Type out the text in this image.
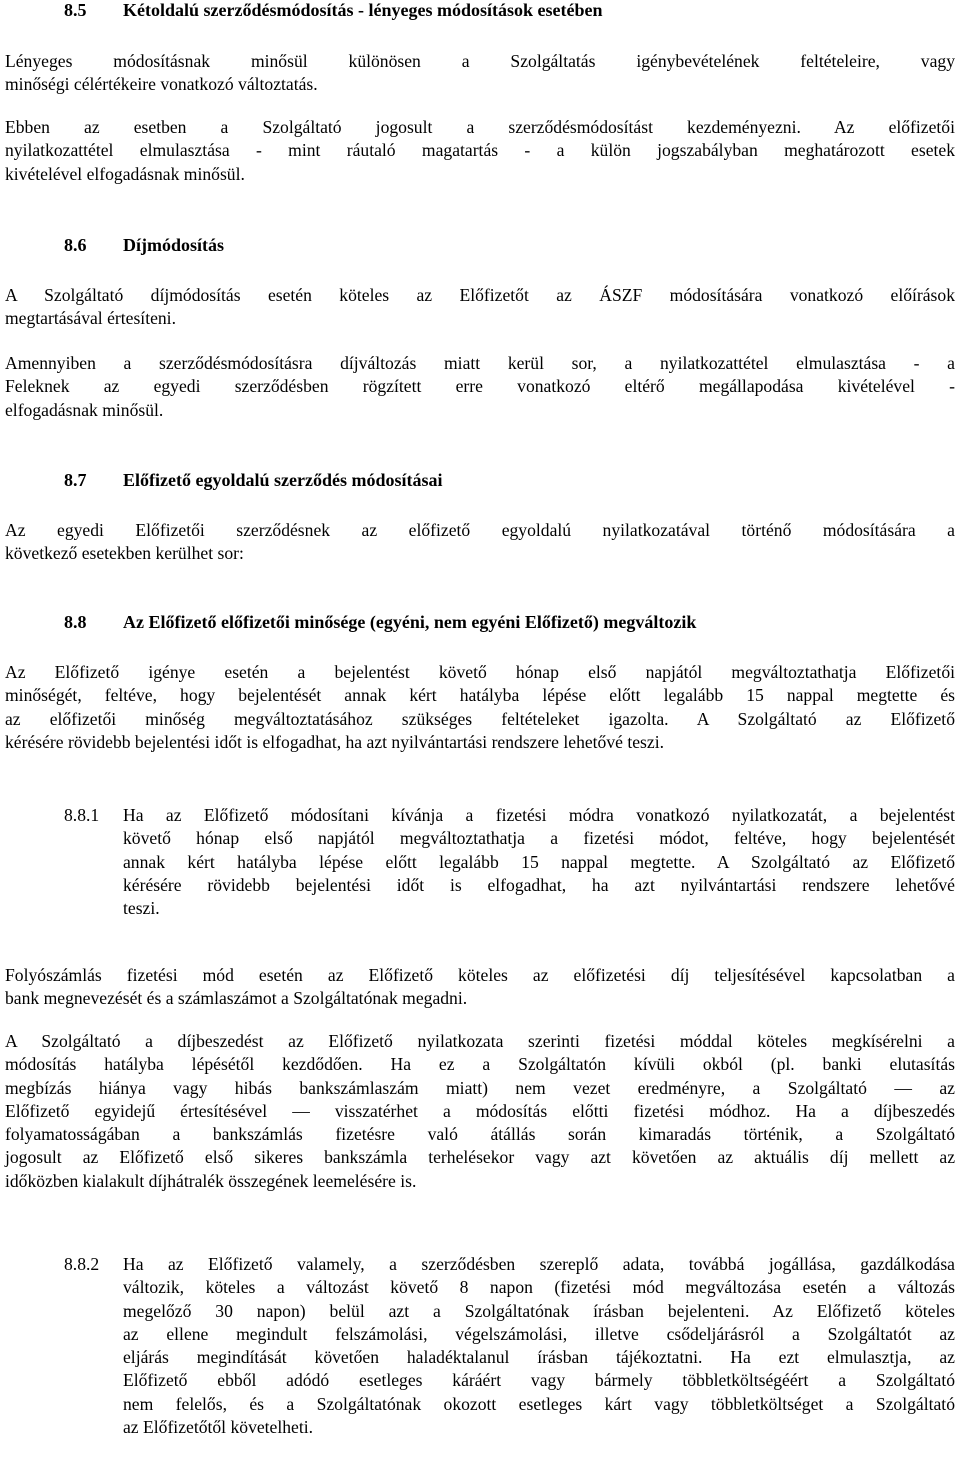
8.5 Kétoldalú szerződésmódosítás - lényeges módosítások esetében

Lényeges módosításnak minősül különösen a Szolgáltatás igénybevételének feltételeire, vagy

minőségi célértékeire vonatkozó változtatás.

Ebben az esetben a Szolgáltató jogosult a szerződésmódosítást kezdeményezni. Az előfizetői

nyilatkozattétel elmulasztása - mint ráutaló magatartás - a külön jogszabályban meghatározott esetek

kivételével elfogadásnak minősül.

8.6 Díjmódosítás

A Szolgáltató díjmódosítás esetén köteles az Előfizetőt az ÁSZF módosítására vonatkozó előírások

megtartásával értesíteni.

Amennyiben a szerződésmódosításra díjváltozás miatt kerül sor, a nyilatkozattétel elmulasztása - a

Feleknek az egyedi szerződésben rögzített erre vonatkozó eltérő megállapodása kivételével -

elfogadásnak minősül.

8.7 Előfizető egyoldalú szerződés módosításai

Az egyedi Előfizetői szerződésnek az előfizető egyoldalú nyilatkozatával történő módosítására a

következő esetekben kerülhet sor:

8.8 Az Előfizető előfizetői minősége (egyéni, nem egyéni Előfizető) megváltozik

Az Előfizető igénye esetén a bejelentést követő hónap első napjától megváltoztathatja Előfizetői

minőségét, feltéve, hogy bejelentését annak kért hatályba lépése előtt legalább 15 nappal megtette és

az előfizetői minőség megváltoztatásához szükséges feltételeket igazolta. A Szolgáltató az Előfizető

kérésére rövidebb bejelentési időt is elfogadhat, ha azt nyilvántartási rendszere lehetővé teszi.

8.8.1 Ha az Előfizető módosítani kívánja a fizetési módra vonatkozó nyilatkozatát, a bejelentést

követő hónap első napjától megváltoztathatja a fizetési módot, feltéve, hogy bejelentését

annak kért hatályba lépése előtt legalább 15 nappal megtette. A Szolgáltató az Előfizető

kérésére rövidebb bejelentési időt is elfogadhat, ha azt nyilvántartási rendszere lehetővé

teszi.

Folyószámlás fizetési mód esetén az Előfizető köteles az előfizetési díj teljesítésével kapcsolatban a

bank megnevezését és a számlaszámot a Szolgáltatónak megadni.

A Szolgáltató a díjbeszedést az Előfizető nyilatkozata szerinti fizetési móddal köteles megkísérelni a

módosítás hatályba lépésétől kezdődően. Ha ez a Szolgáltatón kívüli okból (pl. banki elutasítás

megbízás hiánya vagy hibás bankszámlaszám miatt) nem vezet eredményre, a Szolgáltató — az

Előfizető egyidejű értesítésével — visszatérhet a módosítás előtti fizetési módhoz. Ha a díjbeszedés

folyamatosságában a bankszámlás fizetésre való átállás során kimaradás történik, a Szolgáltató

jogosult az Előfizető első sikeres bankszámla terhelésekor vagy azt követően az aktuális díj mellett az

időközben kialakult díjhátralék összegének leemelésére is.

8.8.2 Ha az Előfizető valamely, a szerződésben szereplő adata, továbbá jogállása, gazdálkodása

változik, köteles a változást követő 8 napon (fizetési mód megváltozása esetén a változás

megelőző 30 napon) belül azt a Szolgáltatónak írásban bejelenteni. Az Előfizető köteles

az ellene megindult felszámolási, végelszámolási, illetve csődeljárásról a Szolgáltatót az

eljárás megindítását követően haladéktalanul írásban tájékoztatni. Ha ezt elmulasztja, az

Előfizető ebből adódó esetleges káráért vagy bármely többletköltségéért a Szolgáltató

nem felelős, és a Szolgáltatónak okozott esetleges kárt vagy többletköltséget a Szolgáltató

az Előfizetőtől követelheti.
